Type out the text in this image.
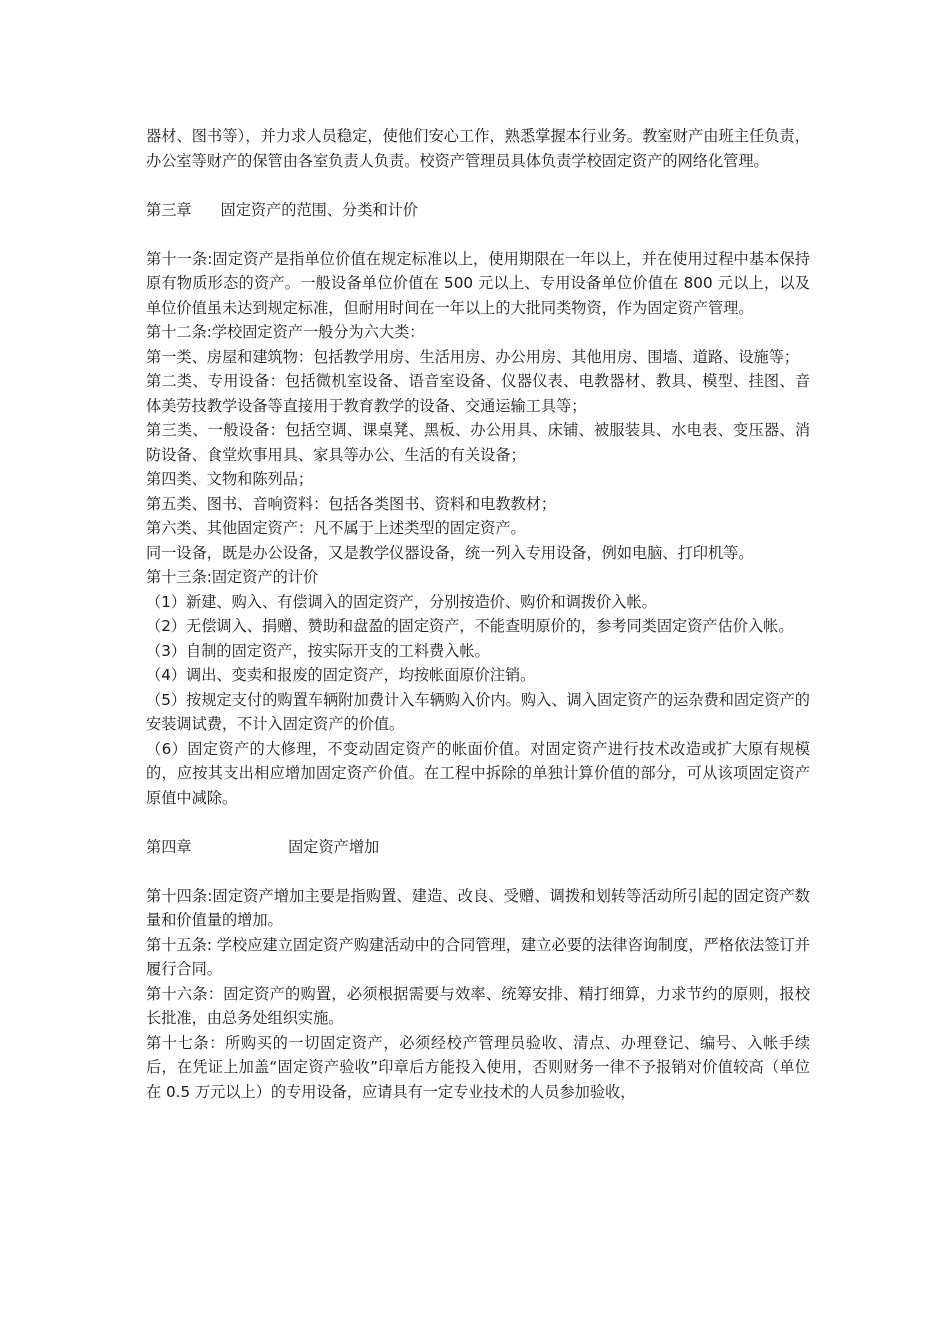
器材、图书等），并力求人员稳定，使他们安心工作，熟悉掌握本行业务。教室财产由班主任负责，办公室等财产的保管由各室负责人负责。校资产管理员具体负责学校固定资产的网络化管理。

第三章      固定资产的范围、分类和计价

第十一条:固定资产是指单位价值在规定标准以上，使用期限在一年以上，并在使用过程中基本保持原有物质形态的资产。一般设备单位价值在 500 元以上、专用设备单位价值在 800 元以上，以及单位价值虽未达到规定标准，但耐用时间在一年以上的大批同类物资，作为固定资产管理。

第十二条:学校固定资产一般分为六大类：

第一类、房屋和建筑物：包括教学用房、生活用房、办公用房、其他用房、围墙、道路、设施等；

第二类、专用设备：包括微机室设备、语音室设备、仪器仪表、电教器材、教具、模型、挂图、音体美劳技教学设备等直接用于教育教学的设备、交通运输工具等；

第三类、一般设备：包括空调、课桌凳、黑板、办公用具、床铺、被服装具、水电表、变压器、消防设备、食堂炊事用具、家具等办公、生活的有关设备；

第四类、文物和陈列品；

第五类、图书、音响资料：包括各类图书、资料和电教教材；

第六类、其他固定资产：凡不属于上述类型的固定资产。

同一设备，既是办公设备，又是教学仪器设备，统一列入专用设备，例如电脑、打印机等。

第十三条:固定资产的计价

（1）新建、购入、有偿调入的固定资产，分别按造价、购价和调拨价入帐。

（2）无偿调入、捐赠、赞助和盘盈的固定资产，不能查明原价的，参考同类固定资产估价入帐。

（3）自制的固定资产，按实际开支的工料费入帐。

（4）调出、变卖和报废的固定资产，均按帐面原价注销。

（5）按规定支付的购置车辆附加费计入车辆购入价内。购入、调入固定资产的运杂费和固定资产的安装调试费，不计入固定资产的价值。

（6）固定资产的大修理，不变动固定资产的帐面价值。对固定资产进行技术改造或扩大原有规模的，应按其支出相应增加固定资产价值。在工程中拆除的单独计算价值的部分，可从该项固定资产原值中减除。

第四章                    固定资产增加

第十四条:固定资产增加主要是指购置、建造、改良、受赠、调拨和划转等活动所引起的固定资产数量和价值量的增加。

第十五条: 学校应建立固定资产购建活动中的合同管理，建立必要的法律咨询制度，严格依法签订并履行合同。

第十六条：固定资产的购置，必须根据需要与效率、统筹安排、精打细算，力求节约的原则，报校长批准，由总务处组织实施。

第十七条：所购买的一切固定资产，必须经校产管理员验收、清点、办理登记、编号、入帐手续后，在凭证上加盖“固定资产验收”印章后方能投入使用，否则财务一律不予报销对价值较高（单位在 0.5 万元以上）的专用设备，应请具有一定专业技术的人员参加验收，
